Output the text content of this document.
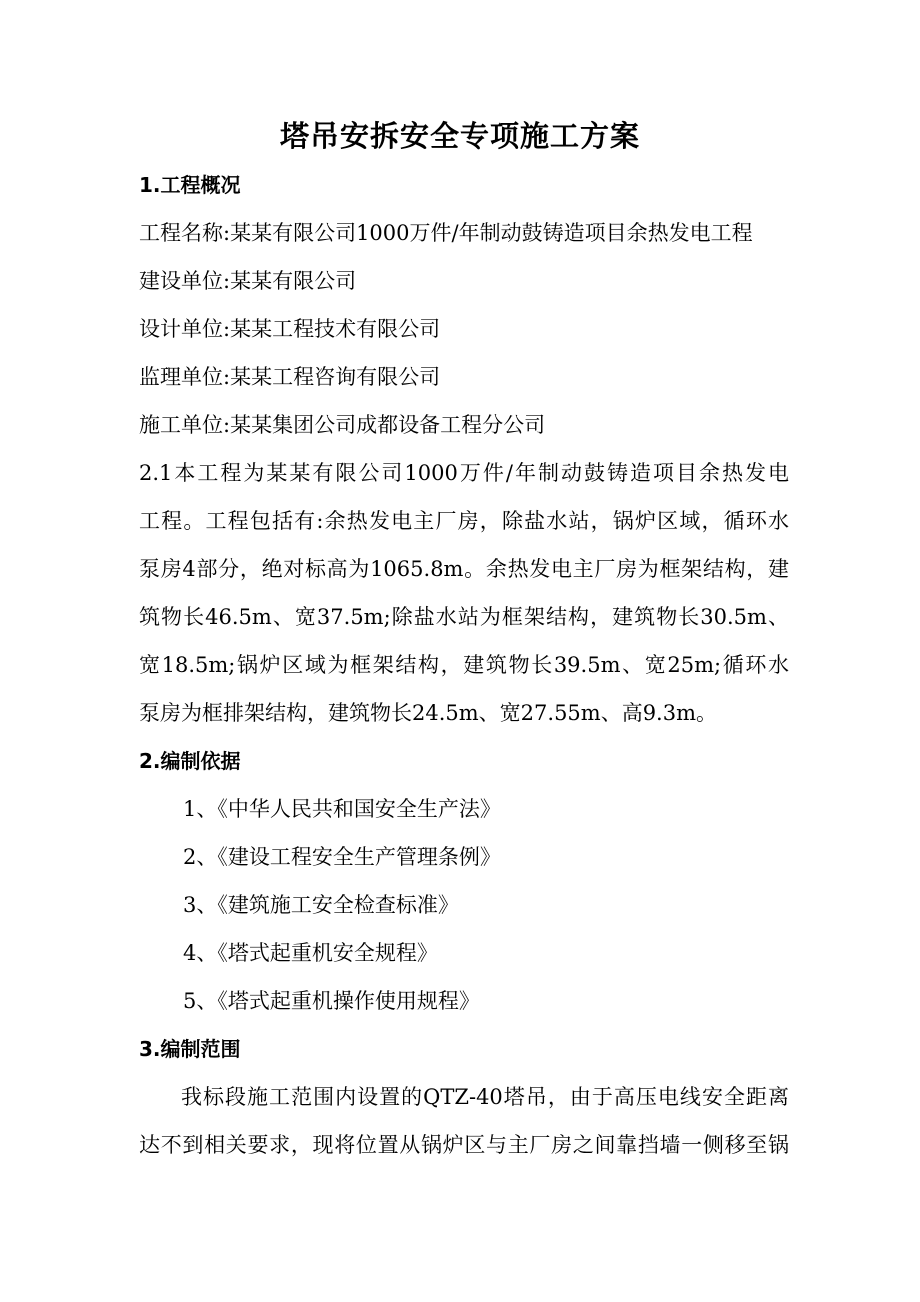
塔吊安拆安全专项施工方案
1.工程概况
工程名称:某某有限公司1000万件/年制动鼓铸造项目余热发电工程
建设单位:某某有限公司
设计单位:某某工程技术有限公司
监理单位:某某工程咨询有限公司
施工单位:某某集团公司成都设备工程分公司
2.1本工程为某某有限公司1000万件/年制动鼓铸造项目余热发电
工程。工程包括有:余热发电主厂房，除盐水站，锅炉区域，循环水
泵房4部分，绝对标高为1065.8m。余热发电主厂房为框架结构，建
筑物长46.5m、宽37.5m;除盐水站为框架结构，建筑物长30.5m、
宽18.5m;锅炉区域为框架结构，建筑物长39.5m、宽25m;循环水
泵房为框排架结构，建筑物长24.5m、宽27.55m、高9.3m。
2.编制依据
1、《中华人民共和国安全生产法》
2、《建设工程安全生产管理条例》
3、《建筑施工安全检查标准》
4、《塔式起重机安全规程》
5、《塔式起重机操作使用规程》
3.编制范围
我标段施工范围内设置的QTZ-40塔吊，由于高压电线安全距离
达不到相关要求，现将位置从锅炉区与主厂房之间靠挡墙一侧移至锅
